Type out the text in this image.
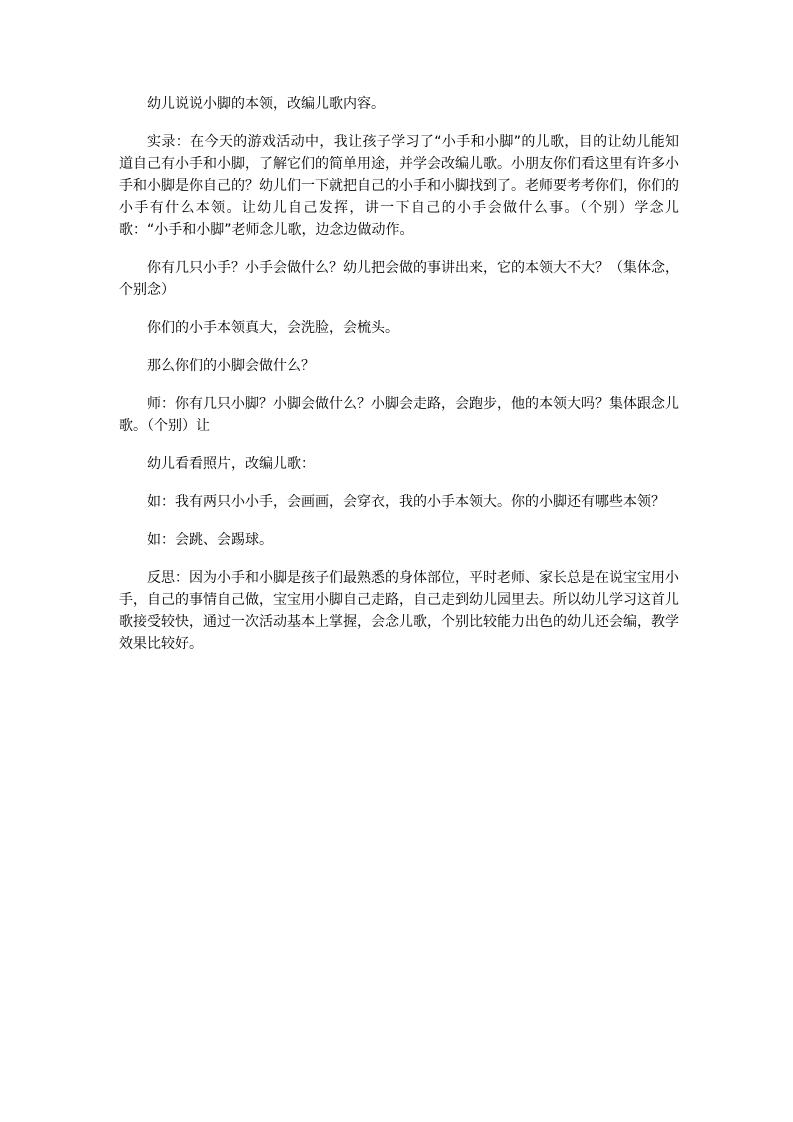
幼儿说说小脚的本领，改编儿歌内容。

实录：在今天的游戏活动中，我让孩子学习了“小手和小脚”的儿歌，目的让幼儿能知道自己有小手和小脚，了解它们的简单用途，并学会改编儿歌。小朋友你们看这里有许多小手和小脚是你自己的？幼儿们一下就把自己的小手和小脚找到了。老师要考考你们，你们的小手有什么本领。让幼儿自己发挥，讲一下自己的小手会做什么事。（个别）学念儿歌：“小手和小脚”老师念儿歌，边念边做动作。

你有几只小手？小手会做什么？幼儿把会做的事讲出来，它的本领大不大？（集体念，个别念）

你们的小手本领真大，会洗脸，会梳头。

那么你们的小脚会做什么？

师：你有几只小脚？小脚会做什么？小脚会走路，会跑步，他的本领大吗？集体跟念儿歌。（个别）让

幼儿看看照片，改编儿歌：

如：我有两只小小手，会画画，会穿衣，我的小手本领大。你的小脚还有哪些本领？

如：会跳、会踢球。

反思：因为小手和小脚是孩子们最熟悉的身体部位，平时老师、家长总是在说宝宝用小手，自己的事情自己做，宝宝用小脚自己走路，自己走到幼儿园里去。所以幼儿学习这首儿歌接受较快，通过一次活动基本上掌握，会念儿歌，个别比较能力出色的幼儿还会编，教学效果比较好。
